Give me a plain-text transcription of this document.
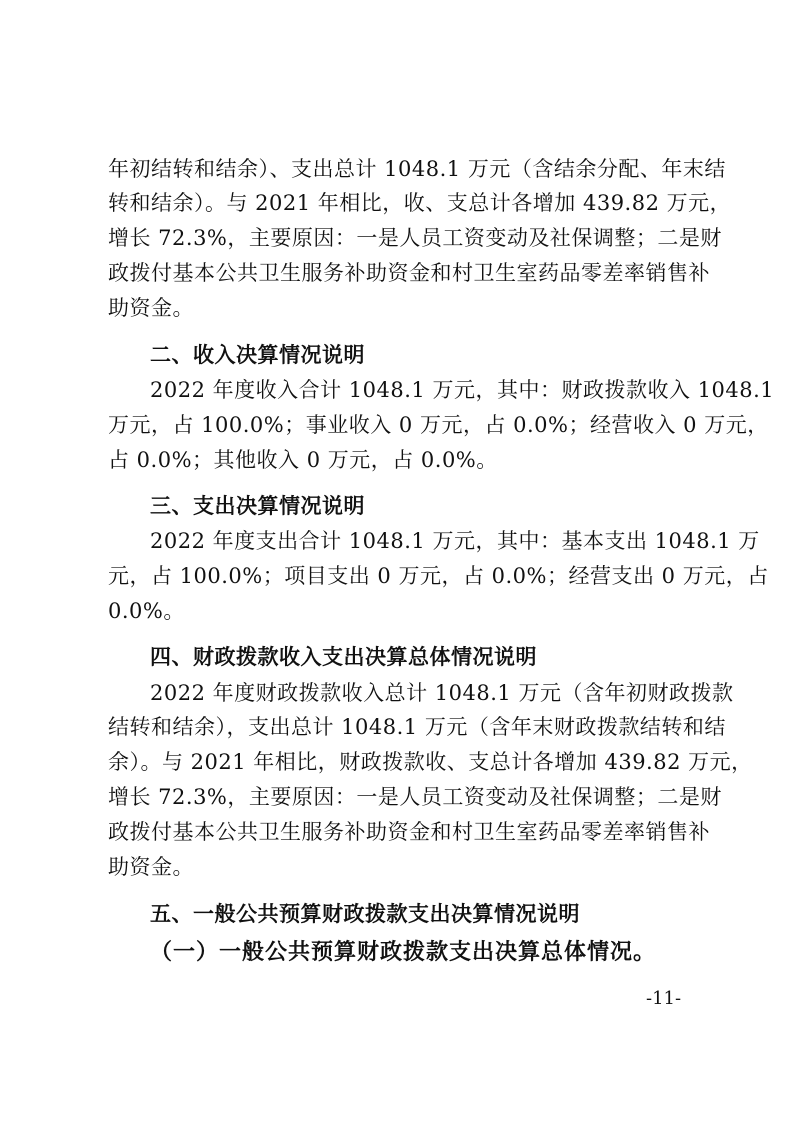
年初结转和结余）、支出总计 1048.1 万元（含结余分配、年末结
转和结余）。与 2021 年相比，收、支总计各增加 439.82 万元，
增长 72.3%，主要原因：一是人员工资变动及社保调整；二是财
政拨付基本公共卫生服务补助资金和村卫生室药品零差率销售补
助资金。
二、收入决算情况说明
2022 年度收入合计 1048.1 万元，其中：财政拨款收入 1048.1
万元，占 100.0%；事业收入 0 万元，占 0.0%；经营收入 0 万元，
占 0.0%；其他收入 0 万元，占 0.0%。
三、支出决算情况说明
2022 年度支出合计 1048.1 万元，其中：基本支出 1048.1 万
元，占 100.0%；项目支出 0 万元，占 0.0%；经营支出 0 万元，占
0.0%。
四、财政拨款收入支出决算总体情况说明
2022 年度财政拨款收入总计 1048.1 万元（含年初财政拨款
结转和结余），支出总计 1048.1 万元（含年末财政拨款结转和结
余）。与 2021 年相比，财政拨款收、支总计各增加 439.82 万元，
增长 72.3%，主要原因：一是人员工资变动及社保调整；二是财
政拨付基本公共卫生服务补助资金和村卫生室药品零差率销售补
助资金。
五、一般公共预算财政拨款支出决算情况说明
（一）一般公共预算财政拨款支出决算总体情况。
-11-
